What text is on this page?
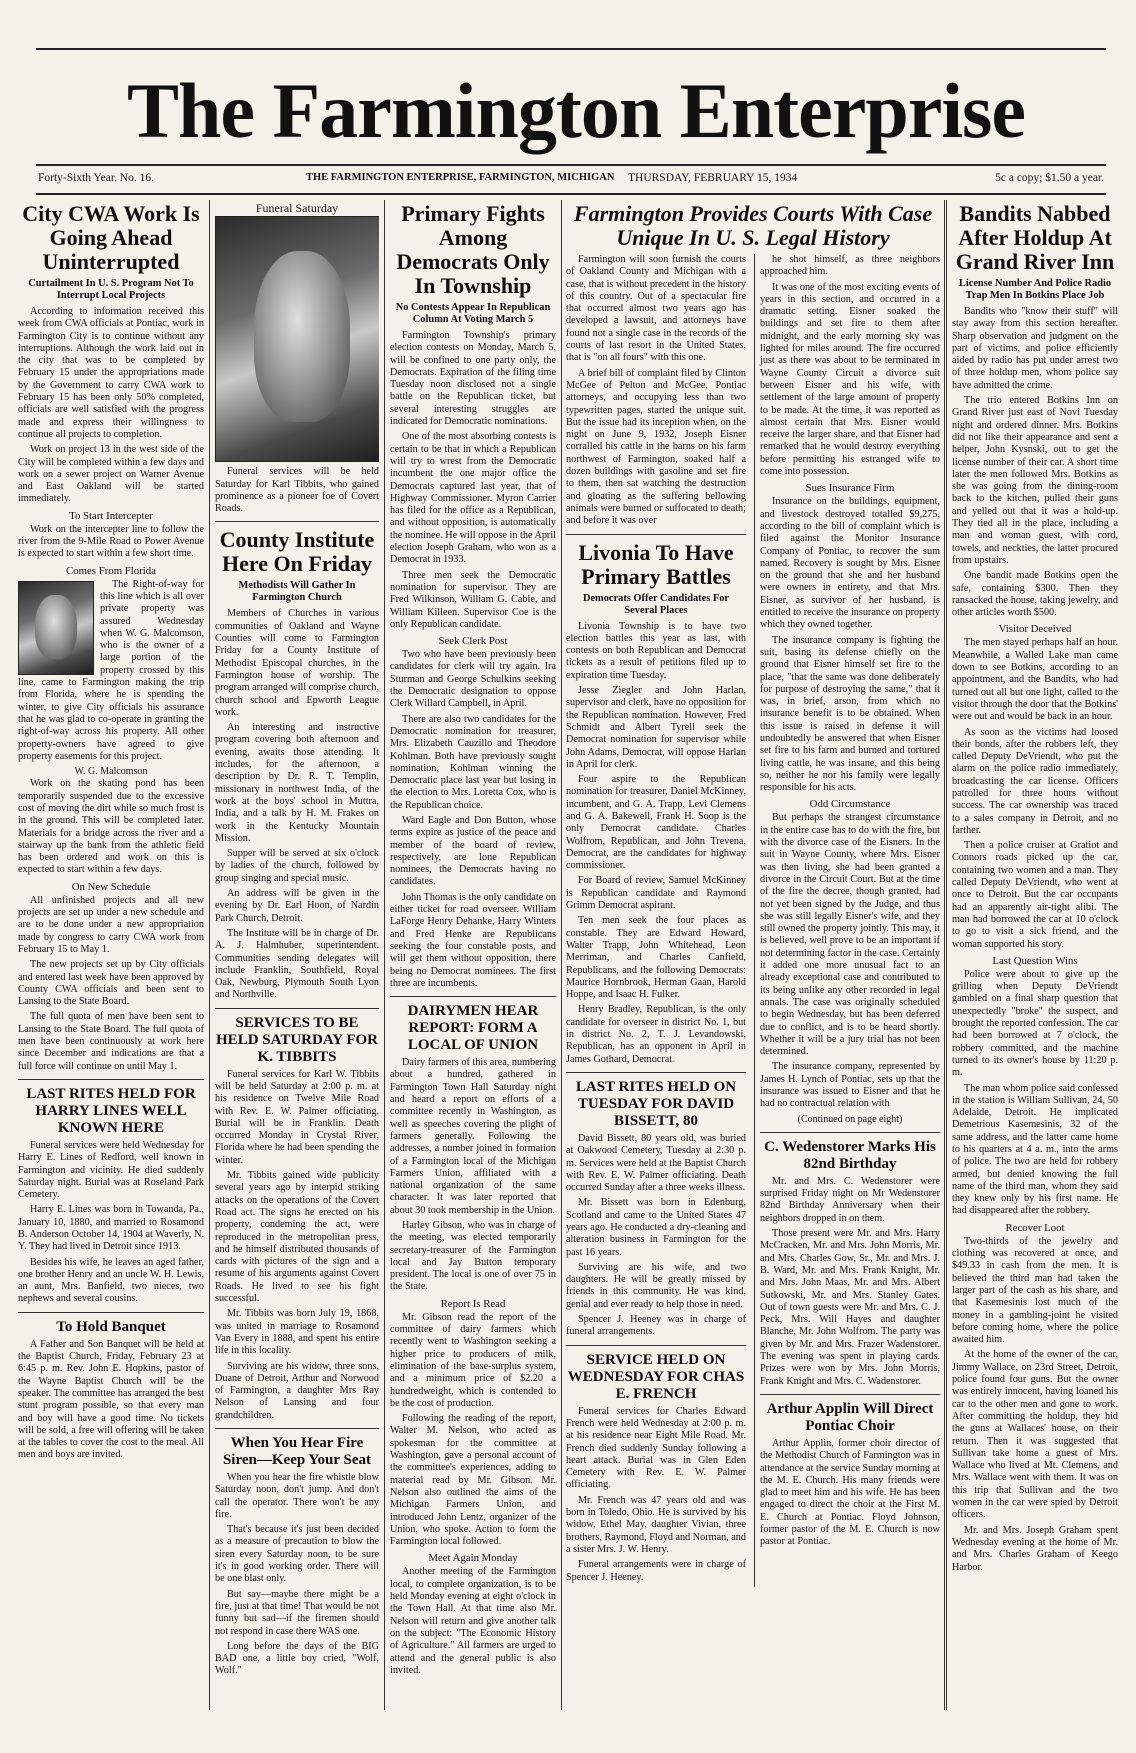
The Farmington Enterprise
Forty-Sixth Year. No. 16.	THE FARMINGTON ENTERPRISE, FARMINGTON, MICHIGAN THURSDAY, FEBRUARY 15, 1934	5c a copy; $1.50 a year.
City CWA Work Is Going Ahead Uninterrupted
Curtailment In U. S. Program Not To Interrupt Local Projects

According to information received this week from CWA officials at Pontiac, work in Farmington City is to continue without any interruptions. Although the work laid out in the city that was to be completed by February 15 under the appropriations made by the Government to carry CWA work to February 15 has been only 50% completed, officials are well satisfied with the progress made and express their willingness to continue all projects to completion.

Work on project 13 in the west side of the City will be completed within a few days and work on a sewer project on Warner Avenue and East Oakland will be started immediately.

To Start Intercepter

Work on the intercepter line to follow the river from the 9-Mile Road to Power Avenue is expected to start within a few short time.

Comes From Florida

The Right-of-way for this line which is all over private property was assured Wednesday when W. G. Malcomson, who is the owner of a large portion of the property crossed by this line, came to Farmington making the trip from Florida, where he is spending the winter, to give City officials his assurance that he was glad to co-operate in granting the right-of-way across his property. All other property-owners have agreed to give property easements for this project.

W. G. Malcomson

Work on the skating pond has been temporarily suspended due to the excessive cost of moving the dirt while so much frost is in the ground. This will be completed later. Materials for a bridge across the river and a stairway up the bank from the athletic field has been ordered and work on this is expected to start within a few days.

On New Schedule

All unfinished projects and all new projects are set up under a new schedule and are to be done under a new appropriation made by congress to carry CWA work from February 15 to May 1.

The new projects set up by City officials and entered last week have been approved by County CWA officials and been sent to Lansing to the State Board.

The full quota of men have been sent to Lansing to the State Board. The full quota of men have been continuously at work here since December and indications are that a full force will continue on until May 1.

LAST RITES HELD FOR HARRY LINES WELL KNOWN HERE

Funeral services were held Wednesday for Harry E. Lines of Redford, well known in Farmington and vicinity. He died suddenly Saturday night. Burial was at Roseland Park Cemetery.

Harry E. Lines was born in Towanda, Pa., January 10, 1880, and married to Rosamond B. Anderson October 14, 1904 at Waverly, N. Y. They had lived in Detroit since 1913.

Besides his wife, he leaves an aged father, one brother Henry and an uncle W. H. Lewis, an aunt, Mrs. Banfield, two nieces, two nephews and several cousins.

To Hold Banquet

A Father and Son Banquet will be held at the Baptist Church, Friday, February 23 at 6:45 p. m. Rev. John E. Hopkins, pastor of the Wayne Baptist Church will be the speaker. The committee has arranged the best stunt program possible, so that every man and boy will have a good time. No tickets will be sold, a free will offering will be taken at the tables to cover the cost to the meal. All men and boys are invited.

Funeral Saturday

Funeral services will be held Saturday for Karl Tibbits, who gained prominence as a pioneer foe of Covert Roads.

County Institute Here On Friday
Methodists Will Gather In Farmington Church

Members of Churches in various communities of Oakland and Wayne Counties will come to Farmington Friday for a County Institute of Methodist Episcopal churches, in the Farmington house of worship. The program arranged will comprise church, church school and Epworth League work.

An interesting and instructive program covering both afternoon and evening, awaits those attending. It includes, for the afternoon, a description by Dr. R. T. Templin, missionary in northwest India, of the work at the boys' school in Muttra, India, and a talk by H. M. Frakes on work in the Kentucky Mountain Mission.

Supper will be served at six o'clock by ladies of the church, followed by group singing and special music.

An address will be given in the evening by Dr. Earl Hoon, of Nardin Park Church, Detroit.

The Institute will be in charge of Dr. A. J. Halmhuber, superintendent. Communities sending delegates will include Franklin, Southfield, Royal Oak, Newburg, Plymouth South Lyon and Northville.

SERVICES TO BE HELD SATURDAY FOR K. TIBBITS

Funeral services for Karl W. Tibbits will be held Saturday at 2:00 p. m. at his residence on Twelve Mile Road with Rev. E. W. Palmer officiating. Burial will be in Franklin. Death occurred Monday in Crystal River, Florida where he had been spending the winter.

Mr. Tibbits gained wide publicity several years ago by interpid striking attacks on the operations of the Covert Road act. The signs he erected on his property, condeming the act, were reproduced in the metropolitan press, and he himself distributed thousands of cards with pictures of the sign and a resume of his arguments against Covert Roads. He lived to see his fight successful.

Mr. Tibbits was born July 19, 1868, was united in marriage to Rosamond Van Every in 1888, and spent his entire life in this locality.

Surviving are his widow, three sons, Duane of Detroit, Arthur and Norwood of Farmington, a daughter Mrs Ray Nelson of Lansing and four grandchildren.

When You Hear Fire Siren—Keep Your Seat

When you hear the fire whistle blow Saturday noon, don't jump. And don't call the operator. There won't be any fire.

That's because it's just been decided as a measure of precaution to blow the siren every Saturday noon, to be sure it's in good working order. There will be one blast only.

But say—maybe there might be a fire, just at that time! That would be not funny but sad—if the firemen should not respond in case there WAS one.

Long before the days of the BIG BAD one, a little boy cried, "Wolf, Wolf."

Primary Fights Among Democrats Only In Township
No Contests Appear In Republican Column At Voting March 5

Farmington Township's primary election contests on Monday, March 5, will be confined to one party only, the Democrats. Expiration of the filing time Tuesday noon disclosed not a single battle on the Republican ticket, but several interesting struggles are indicated for Democratic nominations.

One of the most absorbing contests is certain to be that in which a Republican will try to wrest from the Democratic incumbent the one major office the Democrats captured last year, that of Highway Commissioner. Myron Carrier has filed for the office as a Republican, and without opposition, is automatically the nominee. He will oppose in the April election Joseph Graham, who won as a Democrat in 1933.

Three men seek the Democratic nomination for supervisor. They are Fred Wilkinson, William G. Cable, and William Killeen. Supervisor Coe is the only Republican candidate.

Seek Clerk Post

Two who have been previously been candidates for clerk will try again. Ira Sturman and George Schulkins seeking the Democratic designation to oppose Clerk Willard Campbell, in April.

There are also two candidates for the Democratic nomination for treasurer, Mrs. Elizabeth Cauzillo and Theodore Kohlman. Both have previously sought nomination, Kohlman winning the Democratic place last year but losing in the election to Mrs. Loretta Cox, who is the Republican choice.

Ward Eagle and Don Button, whose terms expire as justice of the peace and member of the board of review, respectively, are lone Republican nominees, the Democrats having no candidates.

John Thomas is the only candidate on either ticket for road overseer. William LaForge Henry Dehanke, Harry Winters and Fred Henke are Republicans seeking the four constable posts, and will get them without opposition, there being no Democrat nominees. The first three are incumbents.

DAIRYMEN HEAR REPORT: FORM A LOCAL OF UNION

Dairy farmers of this area, numbering about a hundred, gathered in Farmington Town Hall Saturday night and heard a report on efforts of a committee recently in Washington, as well as speeches covering the plight of farmers generally. Following the addresses, a number joined in formation of a Farmington local of the Michigan Farmers Union, affiliated with a national organization of the same character. It was later reported that about 30 took membership in the Union.

Harley Gibson, who was in charge of the meeting, was elected temporarily secretary-treasurer of the Farmington local and Jay Button temporary president. The local is one of over 75 in the State.

Report Is Read

Mr. Gibson read the report of the committee of dairy farmers which recently went to Washington seeking a higher price to producers of milk, elimination of the base-surplus system, and a minimum price of $2.20 a hundredweight, which is contended to be the cost of production.

Following the reading of the report, Walter M. Nelson, who acted as spokesman for the committee at Washington, gave a personal account of the committee's experiences, adding to material read by Mr. Gibson. Mr. Nelson also outlined the aims of the Michigan Farmers Union, and introduced John Lentz, organizer of the Union, who spoke. Action to form the Farmington local followed.

Meet Again Monday

Another meeting of the Farmington local, to complete organization, is to be held Monday evening at eight o'clock in the Town Hall. At that time also Mr. Nelson will return and give another talk on the subject: "The Economic History of Agriculture." All farmers are urged to attend and the general public is also invited.

Farmington Provides Courts With Case Unique In U. S. Legal History

Farmington will soon furnish the courts of Oakland County and Michigan with a case, that is without precedent in the history of this country. Out of a spectacular fire that occurred almost two years ago has developed a lawsuit, and attorneys have found not a single case in the records of the courts of last resort in the United States, that is "on all fours" with this one.

A brief bill of complaint filed by Clinton McGee of Pelton and McGee, Pontiac attorneys, and occupying less than two typewritten pages, started the unique suit. But the issue had its inception when, on the night on June 9, 1932, Joseph Eisner corralled his cattle in the barns on his farm northwest of Farmington, soaked half a dozen buildings with gasoline and set fire to them, then sat watching the destruction and gloating as the suffering bellowing animals were burned or suffocated to death; and before it was over

Livonia To Have Primary Battles
Democrats Offer Candidates For Several Places

Livonia Township is to have two election battles this year as last, with contests on both Republican and Democrat tickets as a result of petitions filed up to expiration time Tuesday.

Jesse Ziegler and John Harlan, supervisor and clerk, have no opposition for the Republican nomination. However, Fred Schmidt and Albert Tyrell seek the Democrat nomination for supervisor while John Adams, Democrat, will oppose Harlan in April for clerk.

Four aspire to the Republican nomination for treasurer, Daniel McKinney, incumbent, and G. A. Trapp, Levi Clemens and G. A. Bakewell, Frank H. Soop is the only Democrat candidate. Charles Wolfrom, Republican, and John Trevena, Democrat, are the candidates for highway commissioner.

For Board of review, Samuel McKinney is Republican candidate and Raymond Grimm Democrat aspirant.

Ten men seek the four places as constable. They are Edward Howard, Walter Trapp, John Whitehead, Leon Merriman, and Charles Canfield, Republicans, and the following Democrats: Maurice Hornbrook, Herman Gaan, Harold Hoppe, and Isaac H. Fulker.

Henry Bradley, Republican, is the only candidate for overseer in district No. 1, but in district No. 2, T. J. Levandowski, Republican, has an opponent in April in James Gothard, Democrat.

LAST RITES HELD ON TUESDAY FOR DAVID BISSETT, 80

David Bissett, 80 years old, was buried at Oakwood Cemetery, Tuesday at 2:30 p. m. Services were held at the Baptist Church with Rev. E. W. Palmer officiating. Death occurred Sunday after a three weeks illness.

Mr. Bissett was born in Edenburg, Scotland and came to the United States 47 years ago. He conducted a dry-cleaning and alteration business in Farmington for the past 16 years.

Surviving are his wife, and two daughters. He will be greatly missed by friends in this community. He was kind, genial and ever ready to help those in need.

Spencer J. Heeney was in charge of funeral arrangements.

SERVICE HELD ON WEDNESDAY FOR CHAS E. FRENCH

Funeral services for Charles Edward French were held Wednesday at 2:00 p. m. at his residence near Eight Mile Road. Mr. French died suddenly Sunday following a heart attack. Burial was in Glen Eden Cemetery with Rev. E. W. Palmer officiating.

Mr. French was 47 years old and was born in Toledo, Ohio. He is survived by his widow, Ethel May, daughter Vivian, three brothers, Raymond, Floyd and Norman, and a sister Mrs. J. W. Henry.

Funeral arrangements were in charge of Spencer J. Heeney.

he shot himself, as three neighbors approached him.

It was one of the most exciting events of years in this section, and occurred in a dramatic setting. Eisner soaked the buildings and set fire to them after midnight, and the early morning sky was lighted for miles around. The fire occurred just as there was about to be terminated in Wayne County Circuit a divorce suit between Eisner and his wife, with settlement of the large amount of property to be made. At the time, it was reported as almost certain that Mrs. Eisner would receive the larger share, and that Eisner had remarked that he would destroy everything before permitting his estranged wife to come into possession.

Sues Insurance Firm

Insurance on the buildings, equipment, and livestock destroyed totalled $9,275, according to the bill of complaint which is filed against the Monitor Insurance Company of Pontiac, to recover the sum named. Recovery is sought by Mrs. Eisner on the ground that she and her husband were owners in entirety, and that Mrs. Eisner, as survivor of her husband, is entitled to receive the insurance on property which they owned together.

The insurance company is fighting the suit, basing its defense chiefly on the ground that Eisner himself set fire to the place, "that the same was done deliberately for purpose of destroying the same," that it was, in brief, arson, from which no insurance benefit is to be obtained. When this issue is raised in defense it will undoubtedly be answered that when Eisner set fire to his farm and burned and tortured living cattle, he was insane, and this being so, neither he nor his family were legally responsible for his acts.

Odd Circumstance

But perhaps the strangest circumstance in the entire case has to do with the fire, but with the divorce case of the Eisners. In the suit in Wayne County, where Mrs. Eisner was then living, she had been granted a divorce in the Circuit Court. But at the time of the fire the decree, though granted, had not yet been signed by the Judge, and thus she was still legally Eisner's wife, and they still owned the property jointly. This may, it is believed, well prove to be an important if not determining factor in the case. Certainly it added one more unusual fact to an already exceptional case and contributed to its being unlike any other recorded in legal annals. The case was originally scheduled to begin Wednesday, but has been deferred due to conflict, and is to be heard shortly. Whether it will be a jury trial has not been determined.

The insurance company, represented by James H. Lynch of Pontiac, sets up that the insurance was issued to Eisner and that he had no contractual relation with

(Continued on page eight)
C. Wedenstorer Marks His 82nd Birthday

Mr. and Mrs. C. Wedenstorer were surprised Friday night on Mr Wedenstorer 82nd Birthday Anniversary when their neighbors dropped in on them.

Those present were Mr. and Mrs. Harry McCracken, Mr. and Mrs. John Morris, Mr. and Mrs. Charles Gow, Sr., Mr. and Mrs. J. B. Ward, Mr. and Mrs. Frank Knight, Mr. and Mrs. John Maas, Mr. and Mrs. Albert Sutkowski, Mr. and Mrs. Stanley Gates. Out of town guests were Mr. and Mrs. C. J. Peck, Mrs. Will Hayes and daughter Blanche, Mr. John Wolfrom. The party was given by Mr. and Mrs. Frazer Wadenstorer. The evening was spent in playing cards. Prizes were won by Mrs. John Morris, Frank Knight and Mrs. C. Wadenstorer.

Arthur Applin Will Direct Pontiac Choir

Arthur Applin, former choir director of the Methodist Church of Farmington was in attendance at the service Sunday morning at the M. E. Church. His many friends were glad to meet him and his wife. He has been engaged to direct the choir at the First M. E. Church at Pontiac. Floyd Johnson, former pastor of the M. E. Church is now pastor at Pontiac.

Bandits Nabbed After Holdup At Grand River Inn
License Number And Police Radio Trap Men In Botkins Place Job

Bandits who "know their stuff" will stay away from this section hereafter. Sharp observation and judgment on the part of victims, and police efficiently aided by radio has put under arrest two of three holdup men, whom police say have admitted the crime.

The trio entered Botkins Inn on Grand River just east of Novi Tuesday night and ordered dinner. Mrs. Botkins did not like their appearance and sent a helper, John Kysnski, out to get the license number of their car. A short time later the men followed Mrs. Botkins as she was going from the dining-room back to the kitchen, pulled their guns and yelled out that it was a hold-up. They tied all in the place, including a man and woman guest, with cord, towels, and neckties, the latter procured from upstairs.

One bandit made Botkins open the safe, containing $300. Then they ransacked the house, taking jewelry, and other articles worth $500.

Visitor Deceived

The men stayed perhaps half an hour. Meanwhile, a Walled Lake man came down to see Botkins, according to an appointment, and the Bandits, who had turned out all but one light, called to the visitor through the door that the Botkins' were out and would be back in an hour.

As soon as the victims had loosed their bonds, after the robbers left, they called Deputy DeVriendt, who put the alarm on the police radio immediately, broadcasting the car license. Officers patrolled for three hours without success. The car ownership was traced to a sales company in Detroit, and no farther.

Then a police cruiser at Gratiot and Connors roads picked up the car, containing two women and a man. They called Deputy DeVriendt, who went at once to Detroit. But the car occupants had an apparently air-tight alibi. The man had borrowed the car at 10 o'clock to go to visit a sick friend, and the woman supported his story.

Last Question Wins

Police were about to give up the grilling when Deputy DeVriendt gambled on a final sharp question that unexpectedly "broke" the suspect, and brought the reported confession. The car had been borrowed at 7 o'clock, the robbery committed, and the machine turned to its owner's house by 11:20 p. m.

The man whom police said confessed in the station is William Sullivan, 24, 50 Adelaide, Detroit. He implicated Demetrious Kasemesinis, 32 of the same address, and the latter came home to his quarters at 4 a. m., into the arms of police. The two are held for robbery armed, but denied knowing the full name of the third man, whom they said they knew only by his first name. He had disappeared after the robbery.

Recover Loot

Two-thirds of the jewelry and clothing was recovered at once, and $49.33 in cash from the men. It is believed the third man had taken the larger part of the cash as his share, and that Kasemesinis lost much of the money in a gambling-joint he visited before coming home, where the police awaited him.

At the home of the owner of the car, Jimmy Wallace, on 23rd Street, Detroit, police found four guns. But the owner was entirely innocent, having loaned his car to the other men and gone to work. After committing the holdup, they hid the guns at Wallaces' house, on their return. Then it was suggested that Sullivan take home a guest of Mrs. Wallace who lived at Mt. Clemens, and Mrs. Wallace went with them. It was on this trip that Sullivan and the two women in the car were spied by Detroit officers.

Mr. and Mrs. Joseph Graham spent Wednesday evening at the home of Mr. and Mrs. Charles Graham of Keego Harbor.
